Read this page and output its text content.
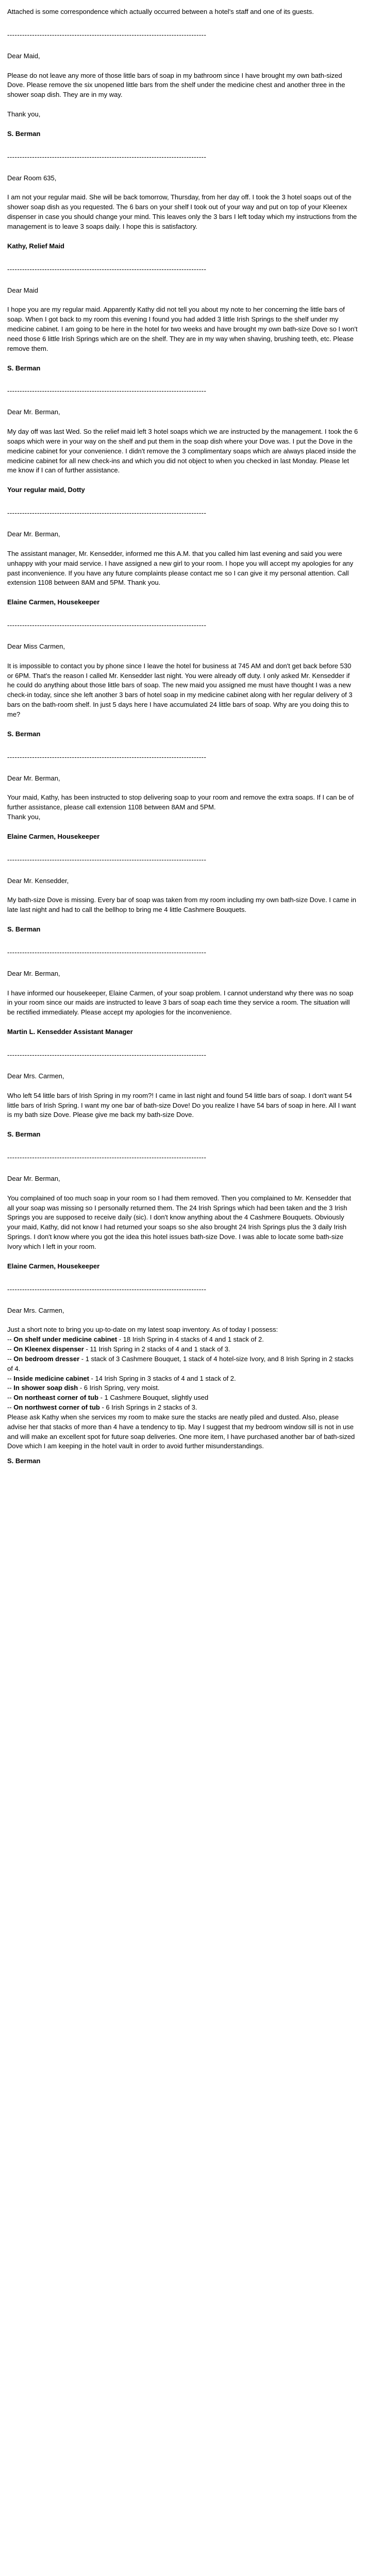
Attached is some correspondence which actually occurred between a hotel's staff and one of its guests.

--------------------------------------------------------------------------------

Dear Maid,

Please do not leave any more of those little bars of soap in my bathroom since I have brought my own bath-sized Dove. Please remove the six unopened little bars from the shelf under the medicine chest and another three in the shower soap dish. They are in my way.

Thank you,

S. Berman

--------------------------------------------------------------------------------

Dear Room 635,

I am not your regular maid. She will be back tomorrow, Thursday, from her day off. I took the 3 hotel soaps out of the shower soap dish as you requested. The 6 bars on your shelf I took out of your way and put on top of your Kleenex dispenser in case you should change your mind. This leaves only the 3 bars I left today which my instructions from the management is to leave 3 soaps daily. I hope this is satisfactory.

Kathy, Relief Maid

--------------------------------------------------------------------------------

Dear Maid

I hope you are my regular maid. Apparently Kathy did not tell you about my note to her concerning the little bars of soap. When I got back to my room this evening I found you had added 3 little Irish Springs to the shelf under my medicine cabinet. I am going to be here in the hotel for two weeks and have brought my own bath-size Dove so I won't need those 6 little Irish Springs which are on the shelf. They are in my way when shaving, brushing teeth, etc. Please remove them.

S. Berman

--------------------------------------------------------------------------------

Dear Mr. Berman,

My day off was last Wed. So the relief maid left 3 hotel soaps which we are instructed by the management. I took the 6 soaps which were in your way on the shelf and put them in the soap dish where your Dove was. I put the Dove in the medicine cabinet for your convenience. I didn't remove the 3 complimentary soaps which are always placed inside the medicine cabinet for all new check-ins and which you did not object to when you checked in last Monday. Please let me know if I can of further assistance.

Your regular maid, Dotty

--------------------------------------------------------------------------------

Dear Mr. Berman,

The assistant manager, Mr. Kensedder, informed me this A.M. that you called him last evening and said you were unhappy with your maid service. I have assigned a new girl to your room. I hope you will accept my apologies for any past inconvenience. If you have any future complaints please contact me so I can give it my personal attention. Call extension 1108 between 8AM and 5PM. Thank you.

Elaine Carmen, Housekeeper

--------------------------------------------------------------------------------

Dear Miss Carmen,

It is impossible to contact you by phone since I leave the hotel for business at 745 AM and don't get back before 530 or 6PM. That's the reason I called Mr. Kensedder last night. You were already off duty. I only asked Mr. Kensedder if he could do anything about those little bars of soap. The new maid you assigned me must have thought I was a new check-in today, since she left another 3 bars of hotel soap in my medicine cabinet along with her regular delivery of 3 bars on the bath-room shelf. In just 5 days here I have accumulated 24 little bars of soap. Why are you doing this to me?

S. Berman

--------------------------------------------------------------------------------

Dear Mr. Berman,

Your maid, Kathy, has been instructed to stop delivering soap to your room and remove the extra soaps. If I can be of further assistance, please call extension 1108 between 8AM and 5PM.
Thank you,

Elaine Carmen, Housekeeper

--------------------------------------------------------------------------------

Dear Mr. Kensedder,

My bath-size Dove is missing. Every bar of soap was taken from my room including my own bath-size Dove. I came in late last night and had to call the bellhop to bring me 4 little Cashmere Bouquets.

S. Berman

--------------------------------------------------------------------------------

Dear Mr. Berman,

I have informed our housekeeper, Elaine Carmen, of your soap problem. I cannot understand why there was no soap in your room since our maids are instructed to leave 3 bars of soap each time they service a room. The situation will be rectified immediately. Please accept my apologies for the inconvenience.

Martin L. Kensedder Assistant Manager

--------------------------------------------------------------------------------

Dear Mrs. Carmen,

Who left 54 little bars of Irish Spring in my room?! I came in last night and found 54 little bars of soap. I don't want 54 little bars of Irish Spring. I want my one bar of bath-size Dove! Do you realize I have 54 bars of soap in here. All I want is my bath size Dove. Please give me back my bath-size Dove.

S. Berman

--------------------------------------------------------------------------------

Dear Mr. Berman,

You complained of too much soap in your room so I had them removed. Then you complained to Mr. Kensedder that all your soap was missing so I personally returned them. The 24 Irish Springs which had been taken and the 3 Irish Springs you are supposed to receive daily (sic). I don't know anything about the 4 Cashmere Bouquets. Obviously your maid, Kathy, did not know I had returned your soaps so she also brought 24 Irish Springs plus the 3 daily Irish Springs. I don't know where you got the idea this hotel issues bath-size Dove. I was able to locate some bath-size Ivory which I left in your room.

Elaine Carmen, Housekeeper

--------------------------------------------------------------------------------

Dear Mrs. Carmen,

Just a short note to bring you up-to-date on my latest soap inventory. As of today I possess:

-- On shelf under medicine cabinet - 18 Irish Spring in 4 stacks of 4 and 1 stack of 2.
-- On Kleenex dispenser - 11 Irish Spring in 2 stacks of 4 and 1 stack of 3.
-- On bedroom dresser - 1 stack of 3 Cashmere Bouquet, 1 stack of 4 hotel-size Ivory, and 8 Irish Spring in 2 stacks of 4.
-- Inside medicine cabinet - 14 Irish Spring in 3 stacks of 4 and 1 stack of 2.
-- In shower soap dish - 6 Irish Spring, very moist.
-- On northeast corner of tub - 1 Cashmere Bouquet, slightly used
-- On northwest corner of tub - 6 Irish Springs in 2 stacks of 3.

Please ask Kathy when she services my room to make sure the stacks are neatly piled and dusted. Also, please advise her that stacks of more than 4 have a tendency to tip. May I suggest that my bedroom window sill is not in use and will make an excellent spot for future soap deliveries. One more item, I have purchased another bar of bath-sized Dove which I am keeping in the hotel vault in order to avoid further misunderstandings.

S. Berman
